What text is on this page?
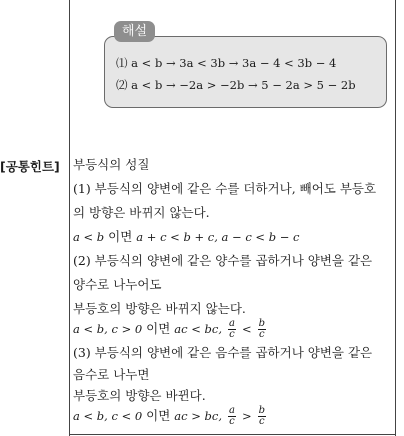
해설
⑴ a < b → 3a < 3b → 3a − 4 < 3b − 4
⑵ a < b → −2a > −2b → 5 − 2a > 5 − 2b
[공통힌트] 부등식의 성질
(1) 부등식의 양변에 같은 수를 더하거나, 빼어도 부등호
의 방향은 바뀌지 않는다.
a < b 이면 a + c < b + c, a − c < b − c
(2) 부등식의 양변에 같은 양수를 곱하거나 양변을 같은
양수로 나누어도
부등호의 방향은 바뀌지 않는다.
a < b, c > 0 이면 ac < bc, $\frac{a}{c} < \frac{b}{c}$
(3) 부등식의 양변에 같은 음수를 곱하거나 양변을 같은
음수로 나누면
부등호의 방향은 바뀐다.
a < b, c < 0 이면 ac > bc, $\frac{a}{c} > \frac{b}{c}$
